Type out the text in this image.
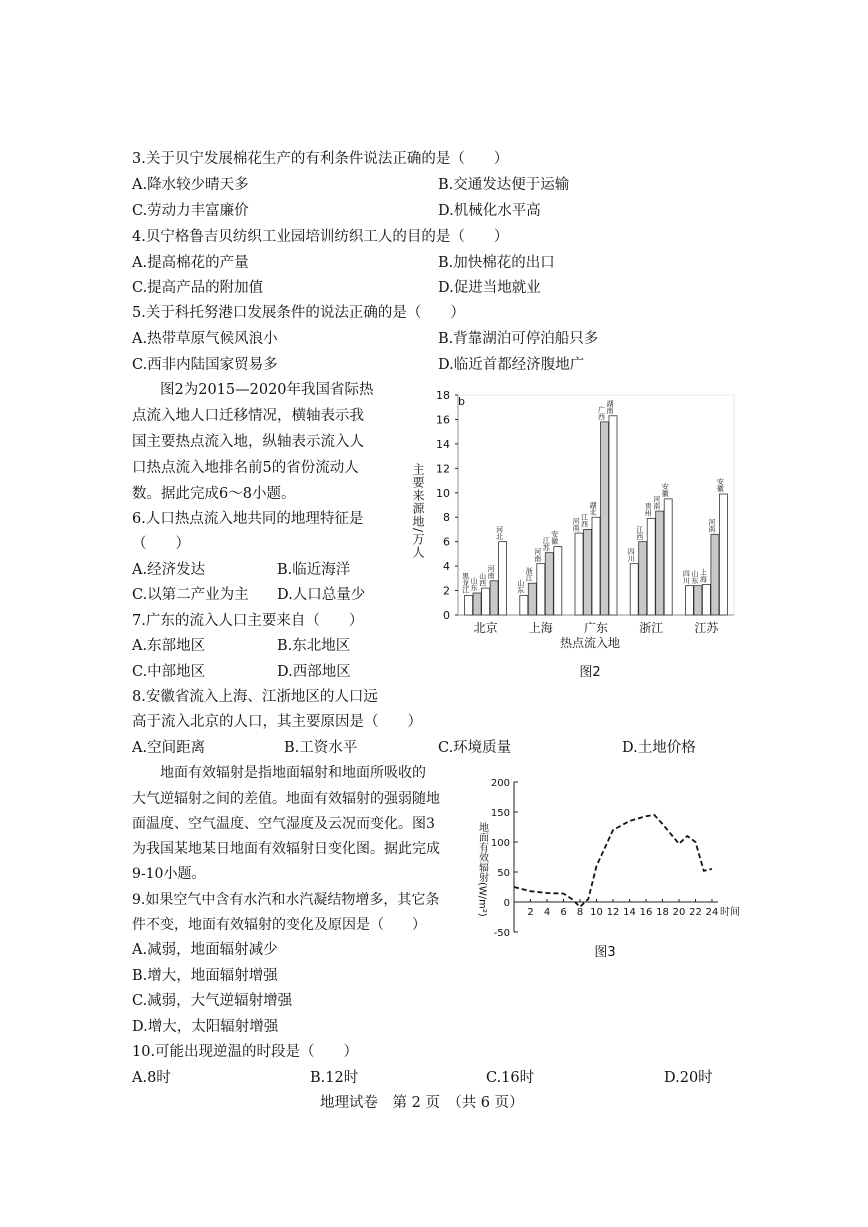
3.关于贝宁发展棉花生产的有利条件说法正确的是（　　）
A.降水较少晴天多	B.交通发达便于运输
C.劳动力丰富廉价	D.机械化水平高
4.贝宁格鲁吉贝纺织工业园培训纺织工人的目的是（　　）
A.提高棉花的产量	B.加快棉花的出口
C.提高产品的附加值	D.促进当地就业
5.关于科托努港口发展条件的说法正确的是（　　）
A.热带草原气候风浪小	B.背靠湖泊可停泊船只多
C.西非内陆国家贸易多	D.临近首都经济腹地广
图2为2015—2020年我国省际热
点流入地人口迁移情况，横轴表示我
国主要热点流入地，纵轴表示流入人
口热点流入地排名前5的省份流动人
数。据此完成6～8小题。
6.人口热点流入地共同的地理特征是
（　　）
A.经济发达	B.临近海洋
C.以第二产业为主 D.人口总量少
7.广东的流入人口主要来自（　　）
A.东部地区	B.东北地区
C.中部地区	D.西部地区
8.安徽省流入上海、江浙地区的人口远
高于流入北京的人口，其主要原因是（　　）
A.空间距离	B.工资水平	C.环境质量	D.土地价格
地面有效辐射是指地面辐射和地面所吸收的
大气逆辐射之间的差值。地面有效辐射的强弱随地
面温度、空气温度、空气湿度及云况而变化。图3
为我国某地某日地面有效辐射日变化图。据此完成
9-10小题。
9.如果空气中含有水汽和水汽凝结物增多，其它条
件不变，地面有效辐射的变化及原因是（　　）
A.减弱，地面辐射减少
B.增大，地面辐射增强
C.减弱，大气逆辐射增强
D.增大，太阳辐射增强
10.可能出现逆温的时段是（　　）
A.8时	B.12时	C.16时	D.20时
地理试卷　第 2 页　（共 6 页）
主要来源地/万人
b
热点流入地
图2
0
2
4
6
8
10
12
14
16
18
黑龙江 山东 山西
河南
河北
北京
山东
浙江
河南
江苏 安徽
上海
河南 江西
湖北
广西 湖南
广东
四川
江西
贵州
河南
安徽
浙江
四川 山东 上海
河南
安徽
江苏
地面有效辐射(W/m²)
图3
-50
0
50
100
150
200
2 4 6 8 10 12 14 16 18 20 22 24 时间
